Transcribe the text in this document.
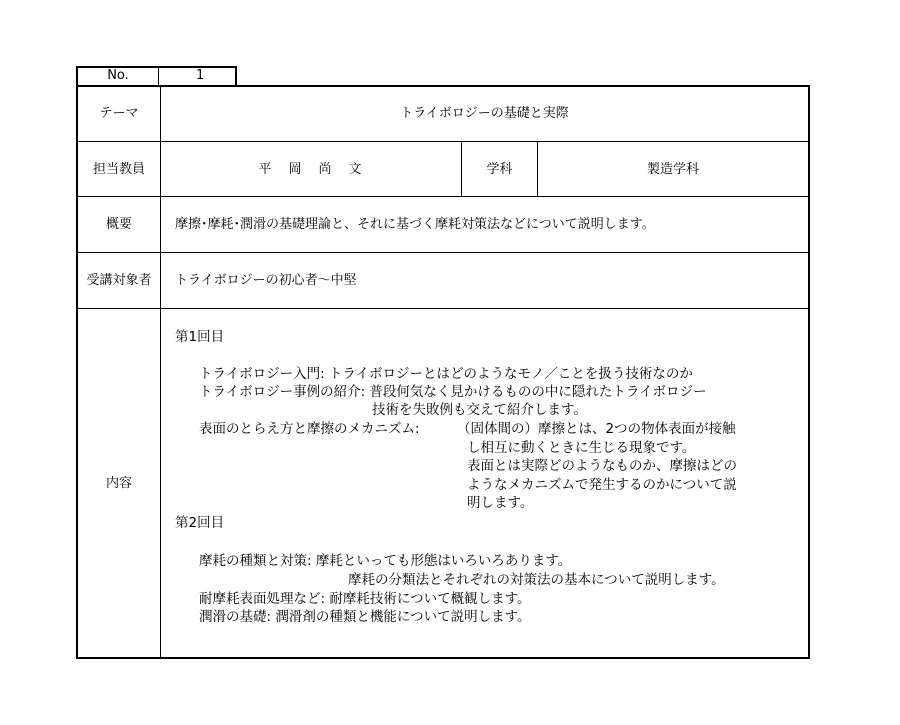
No.	1
テーマ	トライボロジーの基礎と実際
担当教員	平　岡　尚　文	学科	製造学科
概要	摩擦･摩耗･潤滑の基礎理論と、それに基づく摩耗対策法などについて説明します。
受講対象者	トライボロジーの初心者～中堅
内容
第1回目
トライボロジー入門: トライボロジーとはどのようなモノ／ことを扱う技術なのか
トライボロジー事例の紹介: 普段何気なく見かけるものの中に隠れたトライボロジー
技術を失敗例も交えて紹介します。
表面のとらえ方と摩擦のメカニズム:	（固体間の）摩擦とは、2つの物体表面が接触
し相互に動くときに生じる現象です。
表面とは実際どのようなものか、摩擦はどの
ようなメカニズムで発生するのかについて説
明します。
第2回目
摩耗の種類と対策: 摩耗といっても形態はいろいろあります。
摩耗の分類法とそれぞれの対策法の基本について説明します。
耐摩耗表面処理など: 耐摩耗技術について概観します。
潤滑の基礎: 潤滑剤の種類と機能について説明します。
